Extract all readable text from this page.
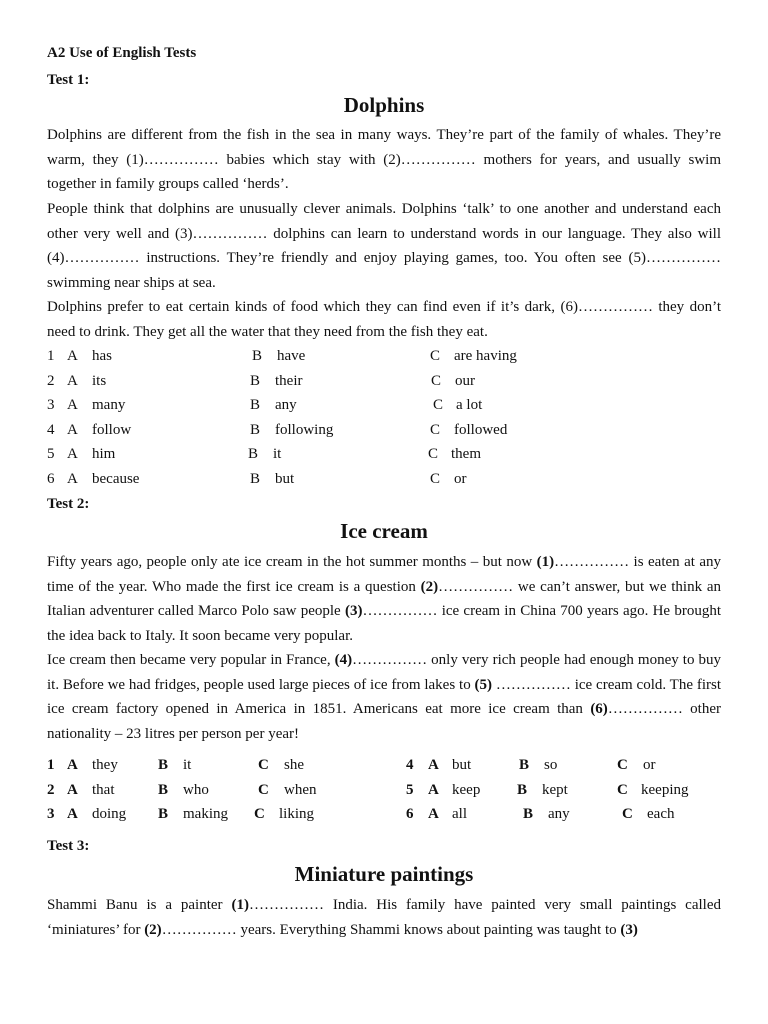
A2 Use of English Tests
Test 1:
Dolphins
Dolphins are different from the fish in the sea in many ways. They’re part of the family of whales. They’re warm, they (1)…………… babies which stay with (2)…………… mothers for years, and usually swim together in family groups called ‘herds’.
People think that dolphins are unusually clever animals. Dolphins ‘talk’ to one another and understand each other very well and (3)…………… dolphins can learn to understand words in our language. They also will (4)…………… instructions. They’re friendly and enjoy playing games, too. You often see (5)…………… swimming near ships at sea.
Dolphins prefer to eat certain kinds of food which they can find even if it’s dark, (6)…………… they don’t need to drink. They get all the water that they need from the fish they eat.
1 A has	B have	C are having
2 A its	B their	C our
3 A many	B any	C a lot
4 A follow	B following	C followed
5 A him	B it	C them
6 A because	B but	C or
Test 2:
Ice cream
Fifty years ago, people only ate ice cream in the hot summer months – but now (1)…………… is eaten at any time of the year. Who made the first ice cream is a question (2)…………… we can’t answer, but we think an Italian adventurer called Marco Polo saw people (3)…………… ice cream in China 700 years ago. He brought the idea back to Italy. It soon became very popular.
Ice cream then became very popular in France, (4)…………… only very rich people had enough money to buy it. Before we had fridges, people used large pieces of ice from lakes to (5) …………… ice cream cold. The first ice cream factory opened in America in 1851. Americans eat more ice cream than (6)…………… other nationality – 23 litres per person per year!
1 A they	B it	C she	4 A but	B so	C or
2 A that	B who	C when	5 A keep B kept	C keeping
3 A doing B making C liking	6 A all	B any	C each
Test 3:
Miniature paintings
Shammi Banu is a painter (1)…………… India. His family have painted very small paintings called ‘miniatures’ for (2)…………… years. Everything Shammi knows about painting was taught to (3)
